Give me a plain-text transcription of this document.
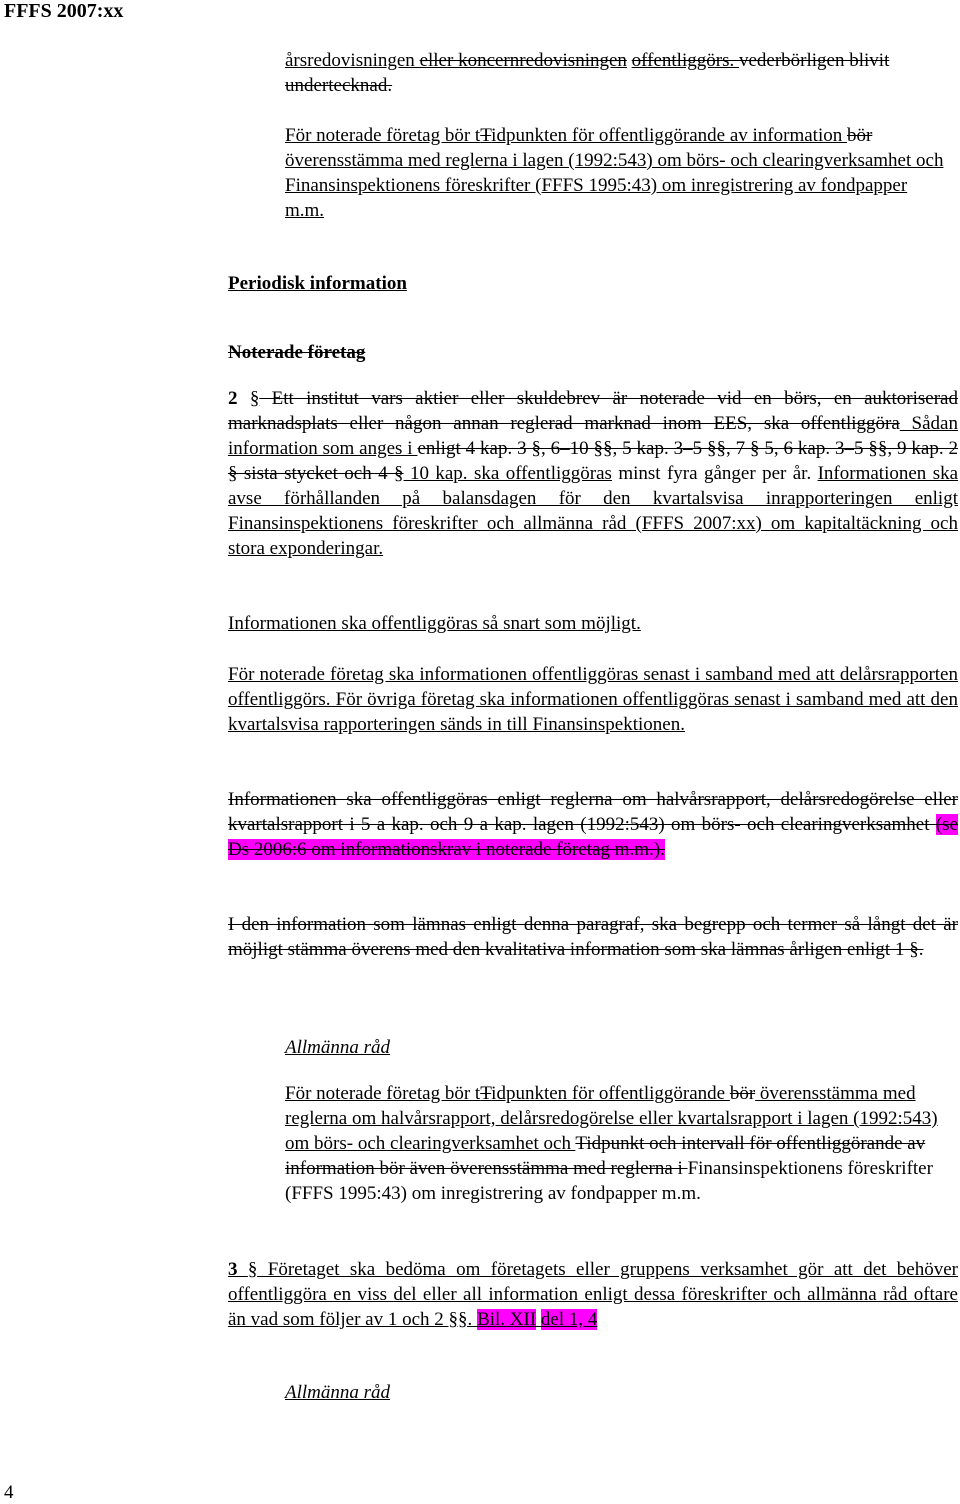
FFFS 2007:xx

årsredovisningen eller koncernredovisningen offentliggörs. vederbörligen blivit undertecknad.

För noterade företag bör tTidpunkten för offentliggörande av information bör överensstämma med reglerna i lagen (1992:543) om börs- och clearingverksamhet och Finansinspektionens föreskrifter (FFFS 1995:43) om inregistrering av fondpapper m.m.

Periodisk information
Noterade företag

2 § Ett institut vars aktier eller skuldebrev är noterade vid en börs, en auktoriserad marknadsplats eller någon annan reglerad marknad inom EES, ska offentliggöra Sådan information som anges i enligt 4 kap. 3 §, 6–10 §§, 5 kap. 3–5 §§, 7 § 5, 6 kap. 3–5 §§, 9 kap. 2 § sista stycket och 4 § 10 kap. ska offentliggöras minst fyra gånger per år. Informationen ska avse förhållanden på balansdagen för den kvartalsvisa inrapporteringen enligt Finansinspektionens föreskrifter och allmänna råd (FFFS 2007:xx) om kapitaltäckning och stora exponderingar.

Informationen ska offentliggöras så snart som möjligt.

För noterade företag ska informationen offentliggöras senast i samband med att delårsrapporten offentliggörs. För övriga företag ska informationen offentliggöras senast i samband med att den kvartalsvisa rapporteringen sänds in till Finansinspektionen.

Informationen ska offentliggöras enligt reglerna om halvårsrapport, delårsredogörelse eller kvartalsrapport i 5 a kap. och 9 a kap. lagen (1992:543) om börs- och clearingverksamhet (se Ds 2006:6 om informationskrav i noterade företag m.m.).

I den information som lämnas enligt denna paragraf, ska begrepp och termer så långt det är möjligt stämma överens med den kvalitativa information som ska lämnas årligen enligt 1 §.

Allmänna råd

För noterade företag bör tTidpunkten för offentliggörande bör överensstämma med reglerna om halvårsrapport, delårsredogörelse eller kvartalsrapport i lagen (1992:543) om börs- och clearingverksamhet och Tidpunkt och intervall för offentliggörande av information bör även överensstämma med reglerna i Finansinspektionens föreskrifter (FFFS 1995:43) om inregistrering av fondpapper m.m.

3 § Företaget ska bedöma om företagets eller gruppens verksamhet gör att det behöver offentliggöra en viss del eller all information enligt dessa föreskrifter och allmänna råd oftare än vad som följer av 1 och 2 §§. Bil. XII del 1, 4

Allmänna råd
4
